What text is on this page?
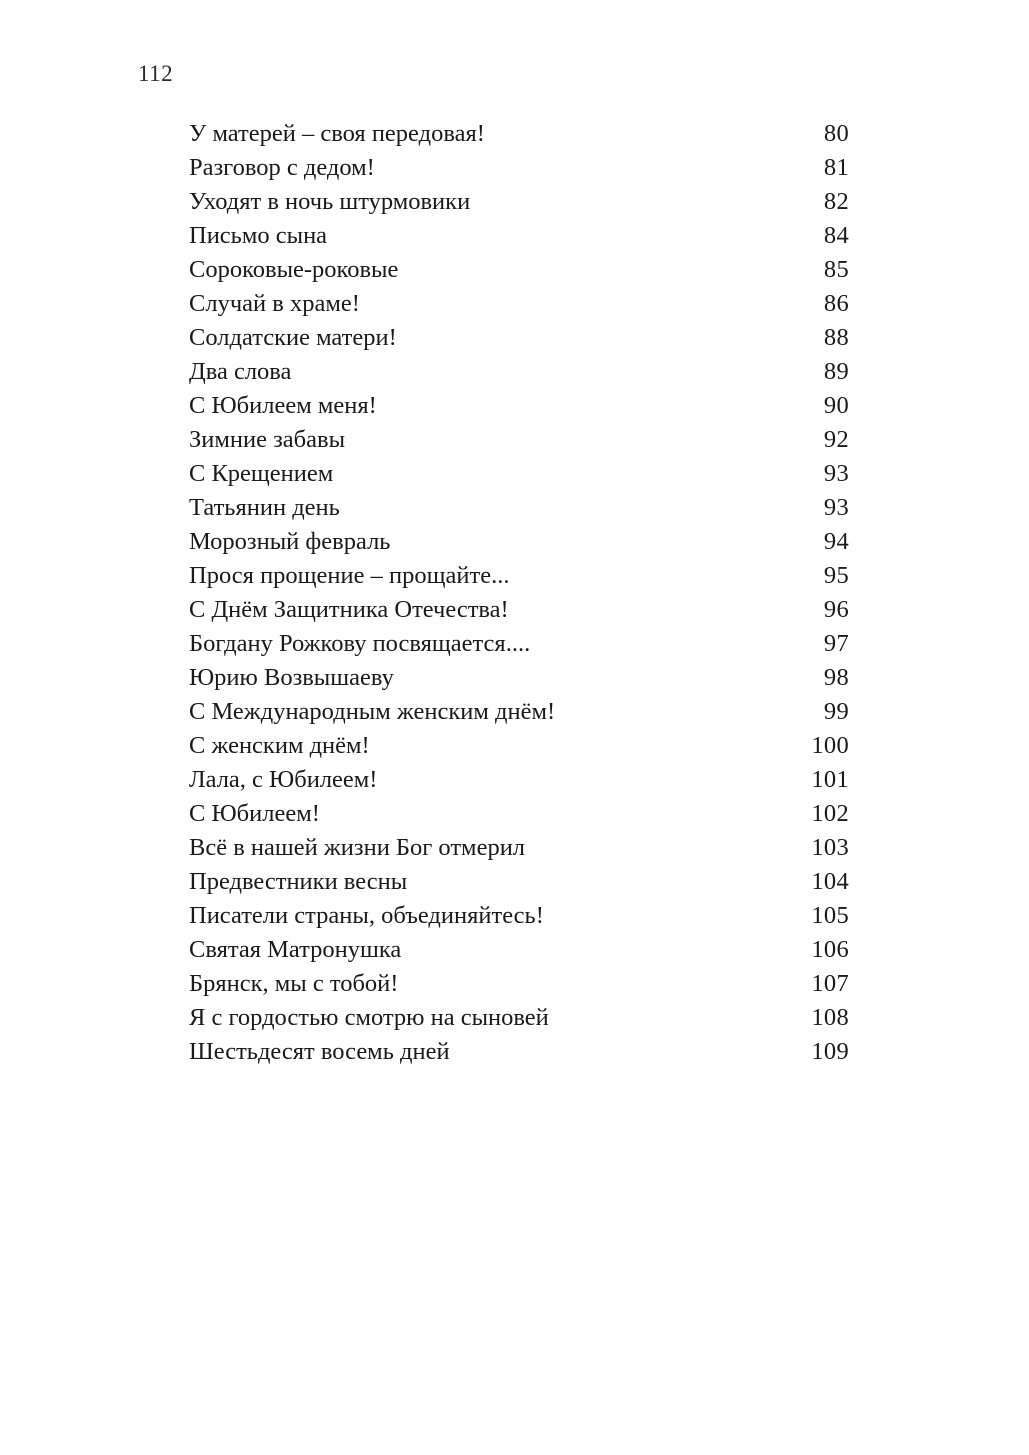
112
У матерей – своя передовая!	80
Разговор с дедом!	81
Уходят в ночь штурмовики	82
Письмо сына	84
Сороковые-роковые	85
Случай в храме!	86
Солдатские матери!	88
Два слова	89
С Юбилеем меня!	90
Зимние забавы	92
С Крещением	93
Татьянин день	93
Морозный февраль	94
Прося прощение – прощайте...	95
С Днём Защитника Отечества!	96
Богдану Рожкову посвящается....	97
Юрию Возвышаеву	98
С Международным женским днём!	99
С женским днём!	100
Лала, с Юбилеем!	101
С Юбилеем!	102
Всё в нашей жизни Бог отмерил	103
Предвестники весны	104
Писатели страны, объединяйтесь!	105
Святая Матронушка	106
Брянск, мы с тобой!	107
Я с гордостью смотрю на сыновей	108
Шестьдесят восемь дней	109
